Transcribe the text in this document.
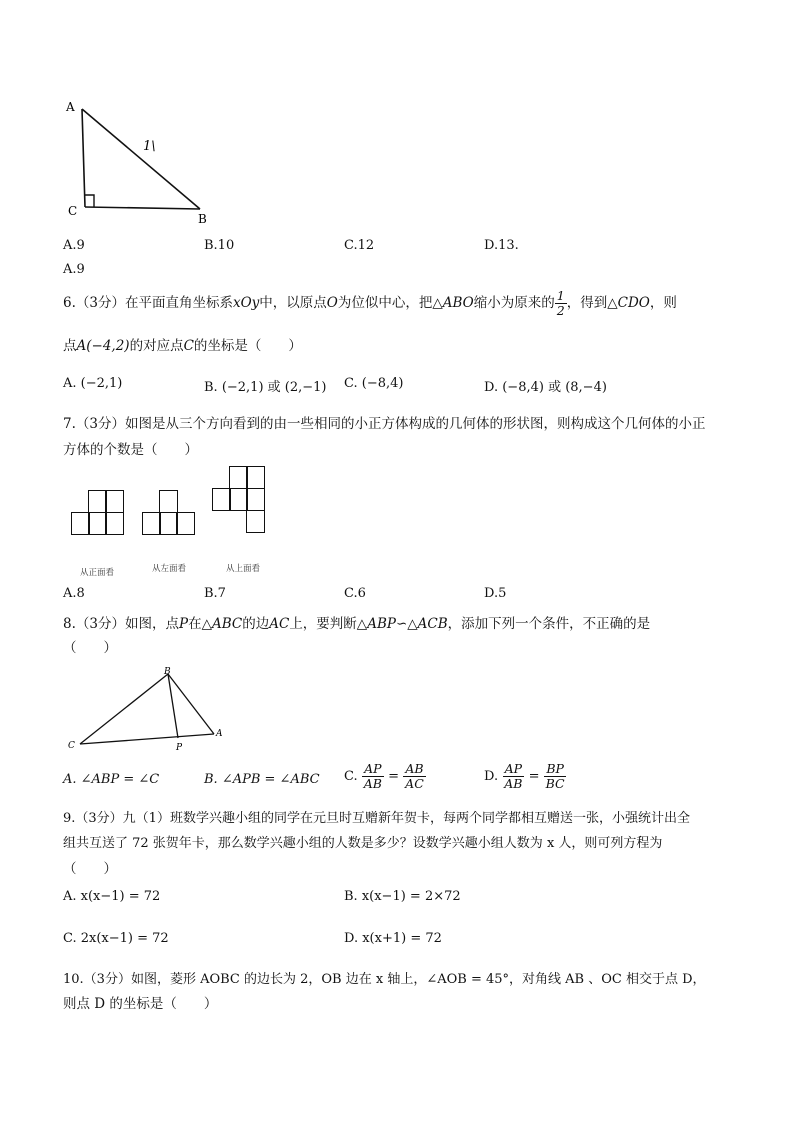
A
C
B
1\
A.9	B.10	C.12	D.13.
A.9
6.（3分）在平面直角坐标系xOy中，以原点O为位似中心，把△ABO缩小为原来的 $\frac{1}{2}$ ，得到△CDO，则
点A(−4,2)的对应点C的坐标是（　　）
A. (−2,1)	B. (−2,1) 或 (2,−1) C. (−8,4)	D. (−8,4) 或 (8,−4)
7.（3分）如图是从三个方向看到的由一些相同的小正方体构成的几何体的形状图，则构成这个几何体的小正
方体的个数是（　　）
从正面看	从左面看	从上面看
A.8	B.7	C.6	D.5
8.（3分）如图，点P在△ABC的边AC上，要判断△ABP∽△ACB，添加下列一个条件，不正确的是
（　　）
B
C	P
A
A. ∠ABP = ∠C	B. ∠APB = ∠ABC C. $\frac{AP}{AB} = \frac{AB}{AC}$	D. $\frac{AP}{AB} = \frac{BP}{BC}$
9.（3分）九（1）班数学兴趣小组的同学在元旦时互赠新年贺卡，每两个同学都相互赠送一张，小强统计出全
组共互送了 72 张贺年卡，那么数学兴趣小组的人数是多少？设数学兴趣小组人数为 x 人，则可列方程为
（　　）
A. x(x−1) = 72	B. x(x−1) = 2×72
C. 2x(x−1) = 72	D. x(x+1) = 72
10.（3分）如图，菱形 AOBC 的边长为 2，OB 边在 x 轴上，∠AOB = 45°，对角线 AB 、OC 相交于点 D，
则点 D 的坐标是（　　）
